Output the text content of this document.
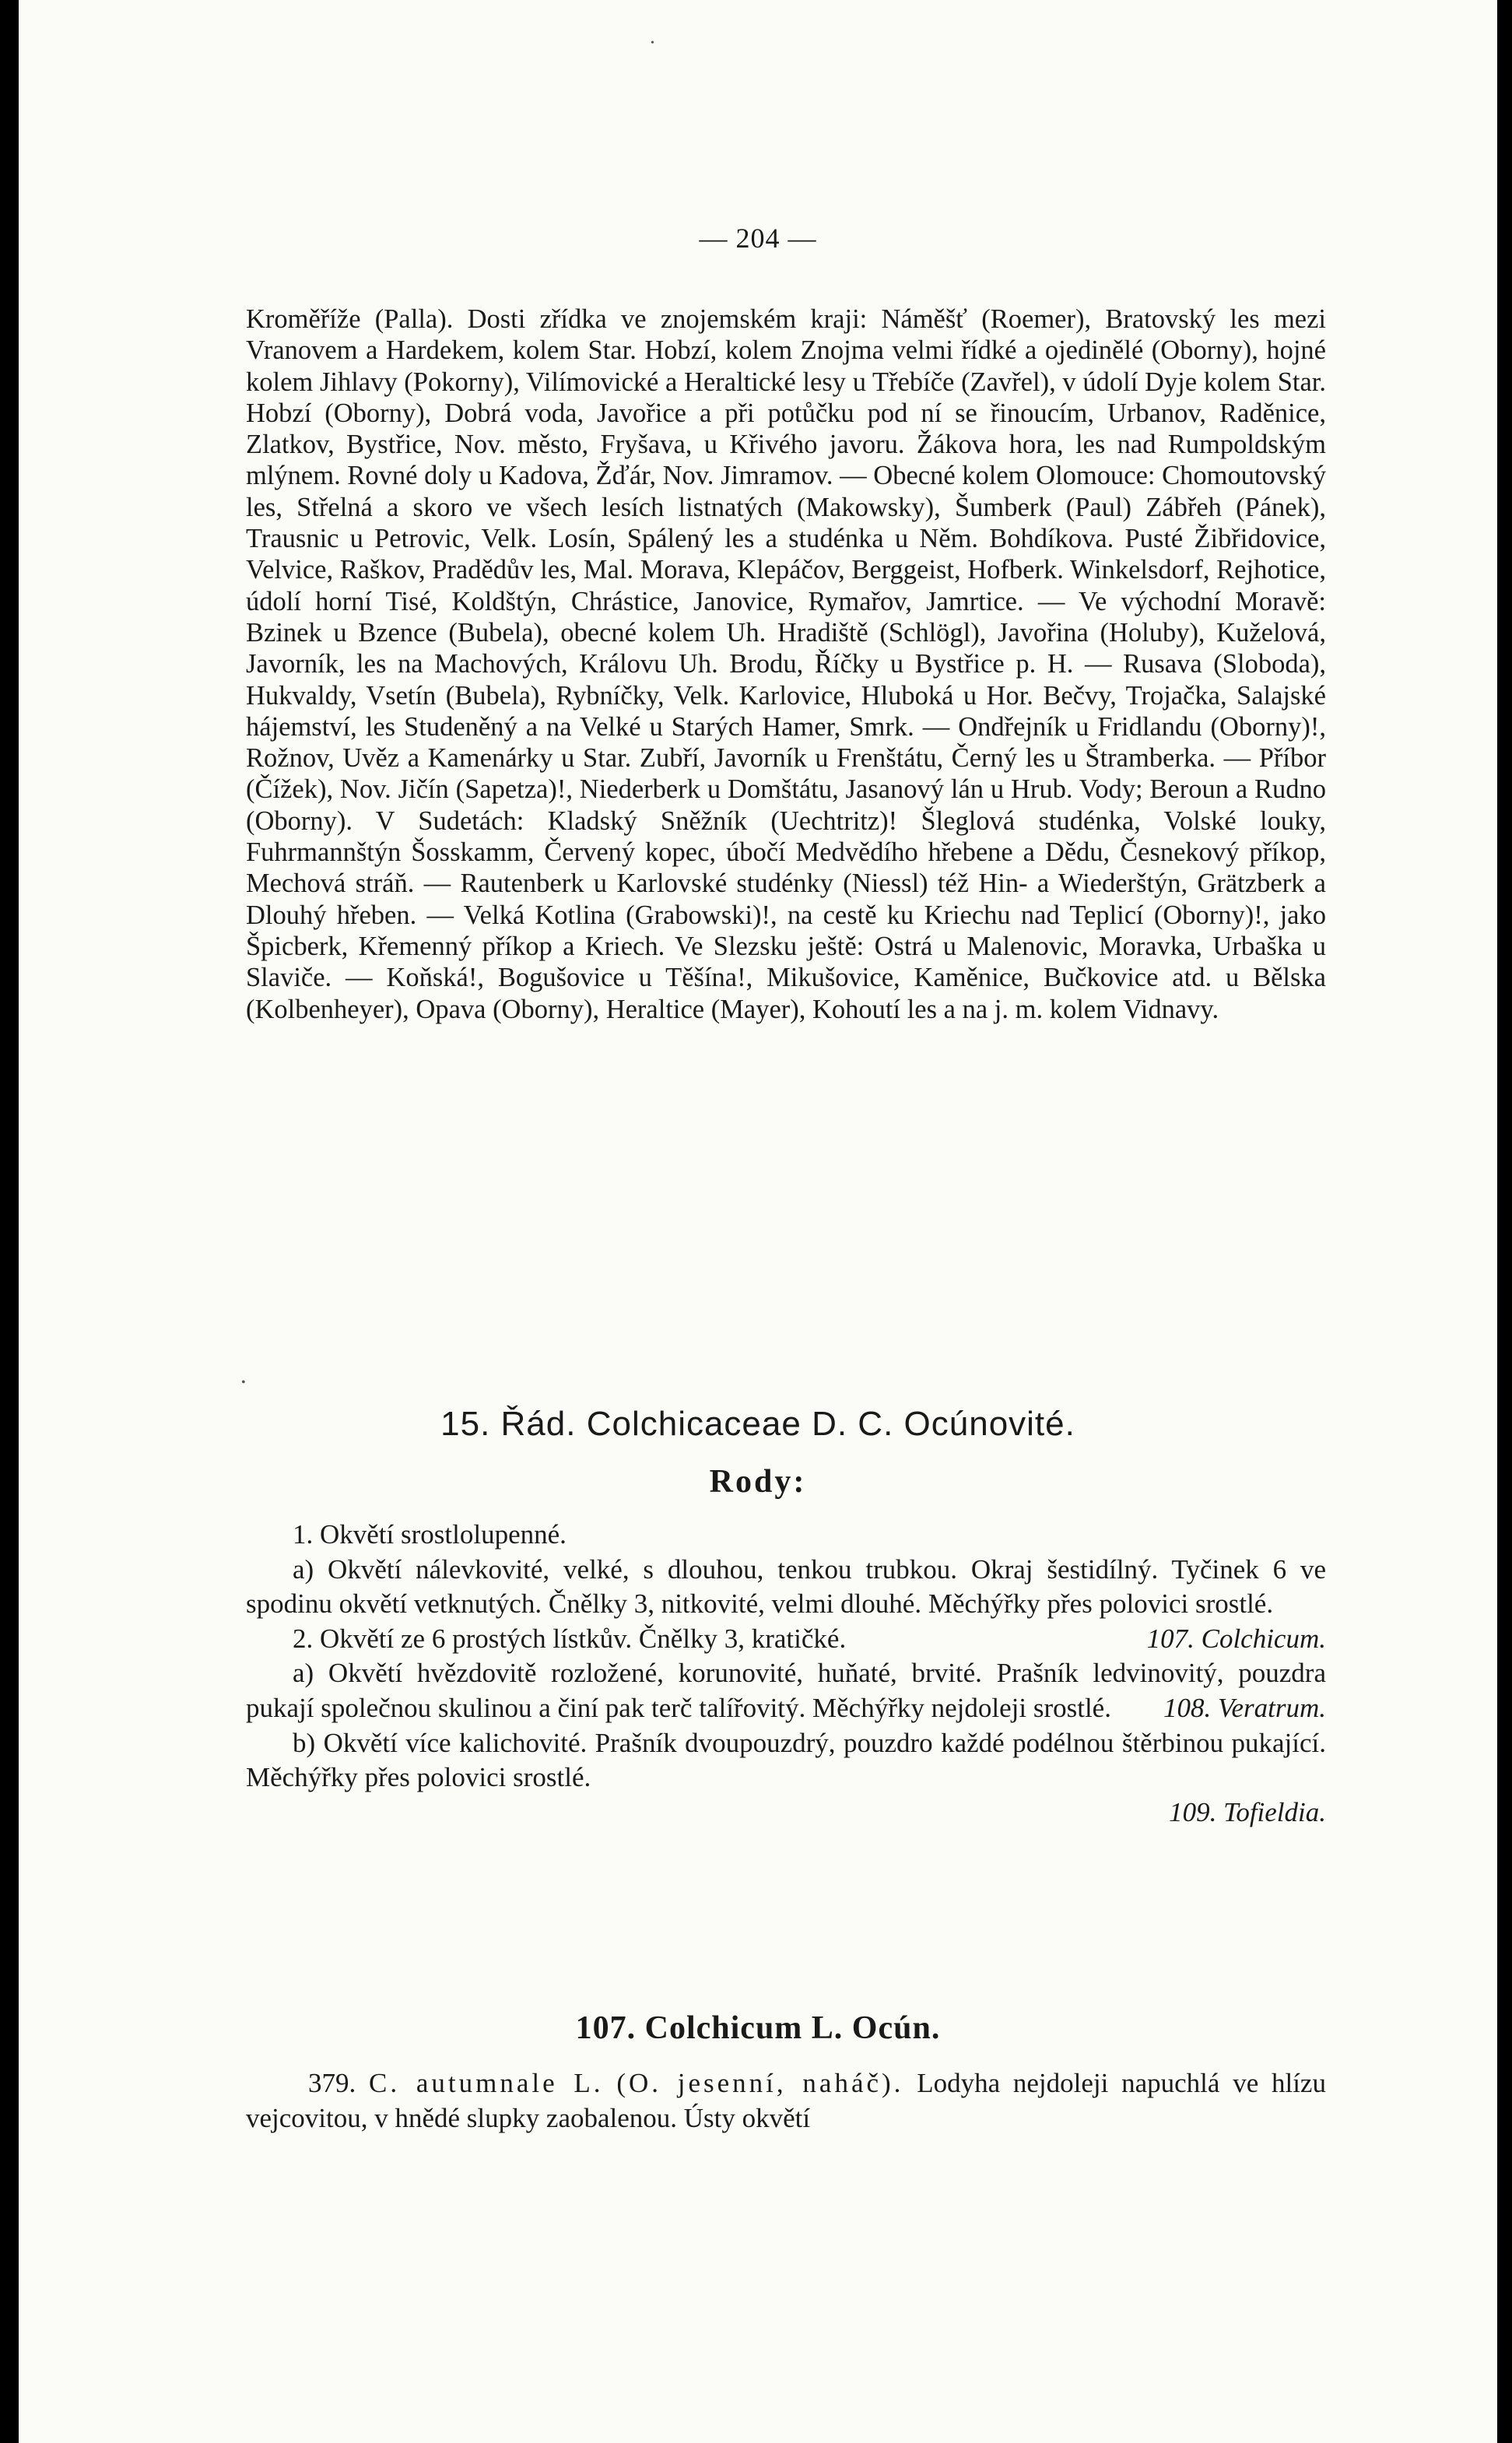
— 204 —

Kroměříže (Palla). Dosti zřídka ve znojemském kraji: Náměšť (Roemer), Bratovský les mezi Vranovem a Hardekem, kolem Star. Hobzí, kolem Znojma velmi řídké a ojedinělé (Oborny), hojné kolem Jihlavy (Pokorny), Vilímovické a Heraltické lesy u Třebíče (Zavřel), v údolí Dyje kolem Star. Hobzí (Oborny), Dobrá voda, Javořice a při potůčku pod ní se řinoucím, Urbanov, Raděnice, Zlatkov, Bystřice, Nov. město, Fryšava, u Křivého javoru. Žákova hora, les nad Rumpoldským mlýnem. Rovné doly u Kadova, Žďár, Nov. Jimramov. — Obecné kolem Olomouce: Chomoutovský les, Střelná a skoro ve všech lesích listnatých (Makowsky), Šumberk (Paul) Zábřeh (Pánek), Trausnic u Petrovic, Velk. Losín, Spálený les a studénka u Něm. Bohdíkova. Pusté Žibřidovice, Velvice, Raškov, Pradědův les, Mal. Morava, Klepáčov, Berggeist, Hofberk. Winkelsdorf, Rejhotice, údolí horní Tisé, Koldštýn, Chrástice, Janovice, Rymařov, Jamrtice. — Ve východní Moravě: Bzinek u Bzence (Bubela), obecné kolem Uh. Hradiště (Schlögl), Javořina (Holuby), Kuželová, Javorník, les na Machových, Královu Uh. Brodu, Říčky u Bystřice p. H. — Rusava (Sloboda), Hukvaldy, Vsetín (Bubela), Rybníčky, Velk. Karlovice, Hluboká u Hor. Bečvy, Trojačka, Salajské hájemství, les Studeněný a na Velké u Starých Hamer, Smrk. — Ondřejník u Fridlandu (Oborny)!, Rožnov, Uvěz a Kamenárky u Star. Zubří, Javorník u Frenštátu, Černý les u Štramberka. — Příbor (Čížek), Nov. Jičín (Sapetza)!, Niederberk u Domštátu, Jasanový lán u Hrub. Vody; Beroun a Rudno (Oborny). V Sudetách: Kladský Sněžník (Uechtritz)! Šleglová studénka, Volské louky, Fuhrmannštýn Šosskamm, Červený kopec, úbočí Medvědího hřebene a Dědu, Česnekový příkop, Mechová stráň. — Rautenberk u Karlovské studénky (Niessl) též Hin- a Wiederštýn, Grätzberk a Dlouhý hřeben. — Velká Kotlina (Grabowski)!, na cestě ku Kriechu nad Teplicí (Oborny)!, jako Špicberk, Křemenný příkop a Kriech. Ve Slezsku ještě: Ostrá u Malenovic, Moravka, Urbaška u Slaviče. — Koňská!, Bogušovice u Těšína!, Mikušovice, Kaměnice, Bučkovice atd. u Bělska (Kolbenheyer), Opava (Oborny), Heraltice (Mayer), Kohoutí les a na j. m. kolem Vidnavy.

15. Řád. Colchicaceae D. C. Ocúnovité.
Rody:

1. Okvětí srostlolupenné.

a) Okvětí nálevkovité, velké, s dlouhou, tenkou trubkou. Okraj šestidílný. Tyčinek 6 ve spodinu okvětí vetknutých. Čnělky 3, nitkovité, velmi dlouhé. Měchýřky přes polovici srostlé.
107. Colchicum.

2. Okvětí ze 6 prostých lístkův. Čnělky 3, kratičké.

a) Okvětí hvězdovitě rozložené, korunovité, huňaté, brvité. Prašník ledvinovitý, pouzdra pukají společnou skulinou a činí pak terč talířovitý. Měchýřky nejdoleji srostlé.	108. Veratrum.

b) Okvětí více kalichovité. Prašník dvoupouzdrý, pouzdro každé podélnou štěrbinou pukající. Měchýřky přes polovici srostlé.

109. Tofieldia.

107. Colchicum L. Ocún.

379. C. autumnale L. (O. jesenní, naháč). Lodyha nejdoleji napuchlá ve hlízu vejcovitou, v hnědé slupky zaobalenou. Ústy okvětí

•
•
